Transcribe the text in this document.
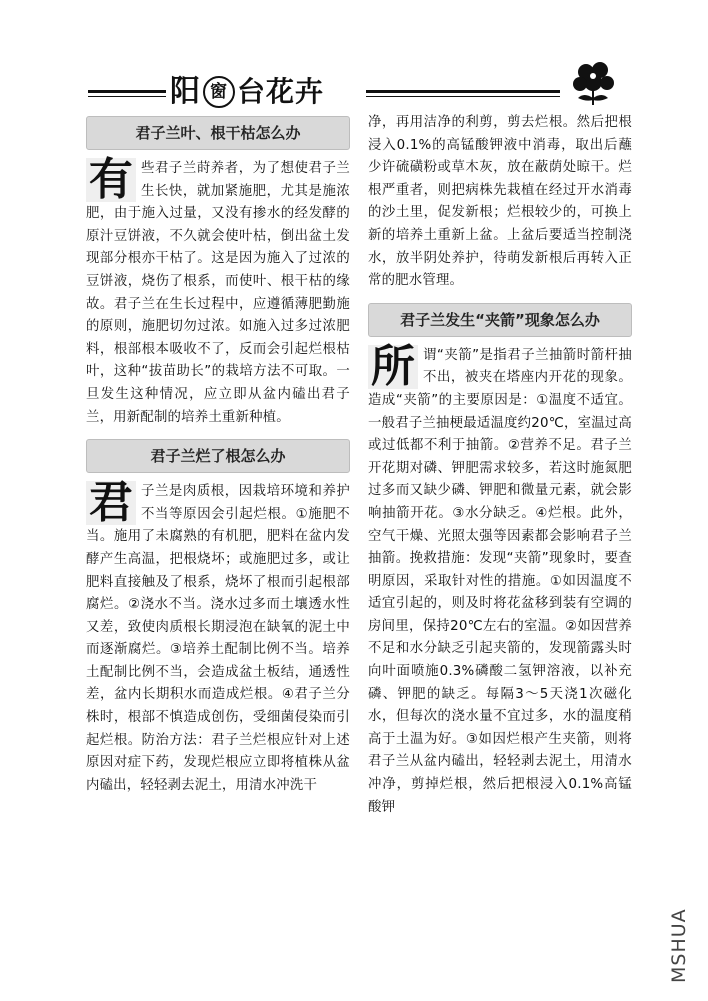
阳 窗 台花卉
君子兰叶、根干枯怎么办

有 些君子兰莳养者，为了想使君子兰生长快，就加紧施肥，尤其是施浓肥，由于施入过量，又没有掺水的经发酵的原汁豆饼液，不久就会使叶枯，倒出盆土发现部分根亦干枯了。这是因为施入了过浓的豆饼液，烧伤了根系，而使叶、根干枯的缘故。君子兰在生长过程中，应遵循薄肥勤施的原则，施肥切勿过浓。如施入过多过浓肥料，根部根本吸收不了，反而会引起烂根枯叶，这种“拔苗助长”的栽培方法不可取。一旦发生这种情况，应立即从盆内磕出君子兰，用新配制的培养土重新种植。

君子兰烂了根怎么办

君 子兰是肉质根，因栽培环境和养护不当等原因会引起烂根。①施肥不当。施用了未腐熟的有机肥，肥料在盆内发酵产生高温，把根烧坏；或施肥过多，或让肥料直接触及了根系，烧坏了根而引起根部腐烂。②浇水不当。浇水过多而土壤透水性又差，致使肉质根长期浸泡在缺氧的泥土中而逐渐腐烂。③培养土配制比例不当。培养土配制比例不当，会造成盆土板结，通透性差，盆内长期积水而造成烂根。④君子兰分株时，根部不慎造成创伤，受细菌侵染而引起烂根。防治方法：君子兰烂根应针对上述原因对症下药，发现烂根应立即将植株从盆内磕出，轻轻剥去泥土，用清水冲洗干

净，再用洁净的利剪，剪去烂根。然后把根浸入0.1%的高锰酸钾液中消毒，取出后蘸少许硫磺粉或草木灰，放在蔽荫处晾干。烂根严重者，则把病株先栽植在经过开水消毒的沙土里，促发新根；烂根较少的，可换上新的培养土重新上盆。上盆后要适当控制浇水，放半阴处养护，待萌发新根后再转入正常的肥水管理。

君子兰发生“夹箭”现象怎么办

所 谓“夹箭”是指君子兰抽箭时箭杆抽不出，被夹在塔座内开花的现象。造成“夹箭”的主要原因是：①温度不适宜。一般君子兰抽梗最适温度约20℃，室温过高或过低都不利于抽箭。②营养不足。君子兰开花期对磷、钾肥需求较多，若这时施氮肥过多而又缺少磷、钾肥和微量元素，就会影响抽箭开花。③水分缺乏。④烂根。此外，空气干燥、光照太强等因素都会影响君子兰抽箭。挽救措施：发现“夹箭”现象时，要查明原因，采取针对性的措施。①如因温度不适宜引起的，则及时将花盆移到装有空调的房间里，保持20℃左右的室温。②如因营养不足和水分缺乏引起夹箭的，发现箭露头时向叶面喷施0.3%磷酸二氢钾溶液，以补充磷、钾肥的缺乏。每隔3～5天浇1次磁化水，但每次的浇水量不宜过多，水的温度稍高于土温为好。③如因烂根产生夹箭，则将君子兰从盆内磕出，轻轻剥去泥土，用清水冲净，剪掉烂根，然后把根浸入0.1%高锰酸钾

MSHUA
